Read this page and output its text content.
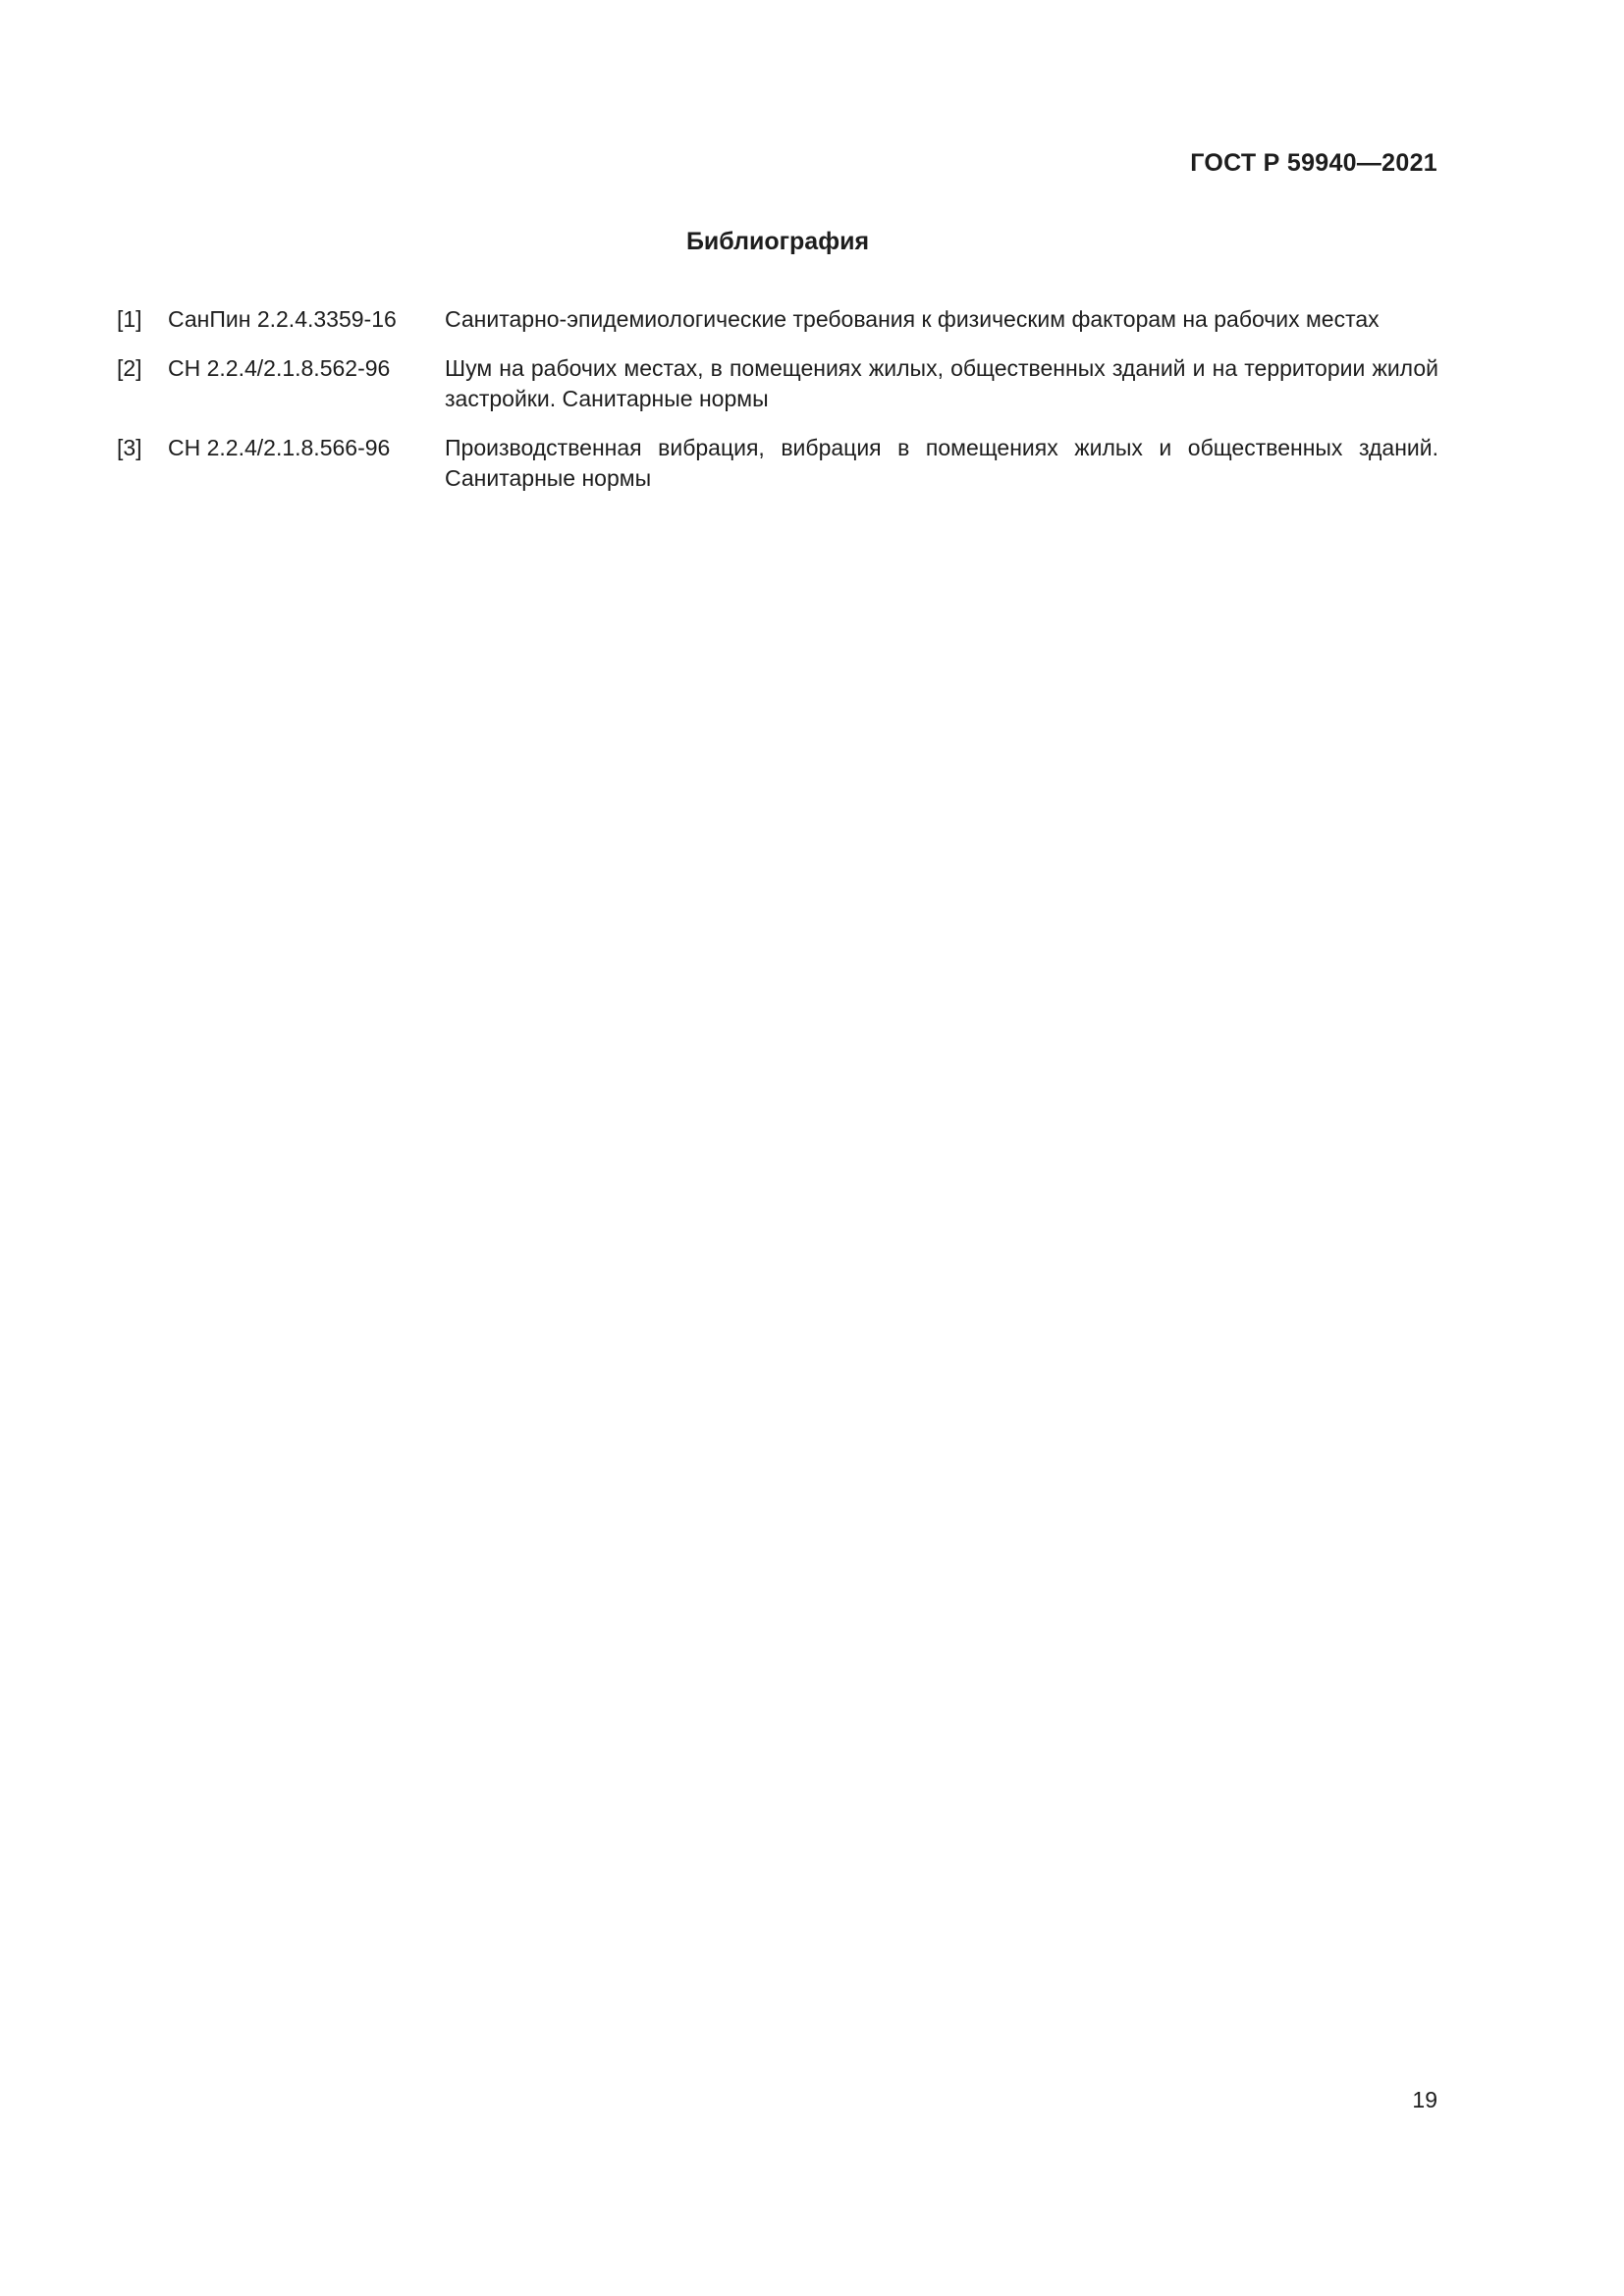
ГОСТ Р 59940—2021

Библиография
[1]	СанПин 2.2.4.3359-16	Санитарно-эпидемиологические требования к физическим факторам на рабочих местах
[2]	СН 2.2.4/2.1.8.562-96	Шум на рабочих местах, в помещениях жилых, общественных зданий и на территории жилой застройки. Санитарные нормы
[3]	СН 2.2.4/2.1.8.566-96	Производственная вибрация, вибрация в помещениях жилых и общественных зданий. Санитарные нормы

19
